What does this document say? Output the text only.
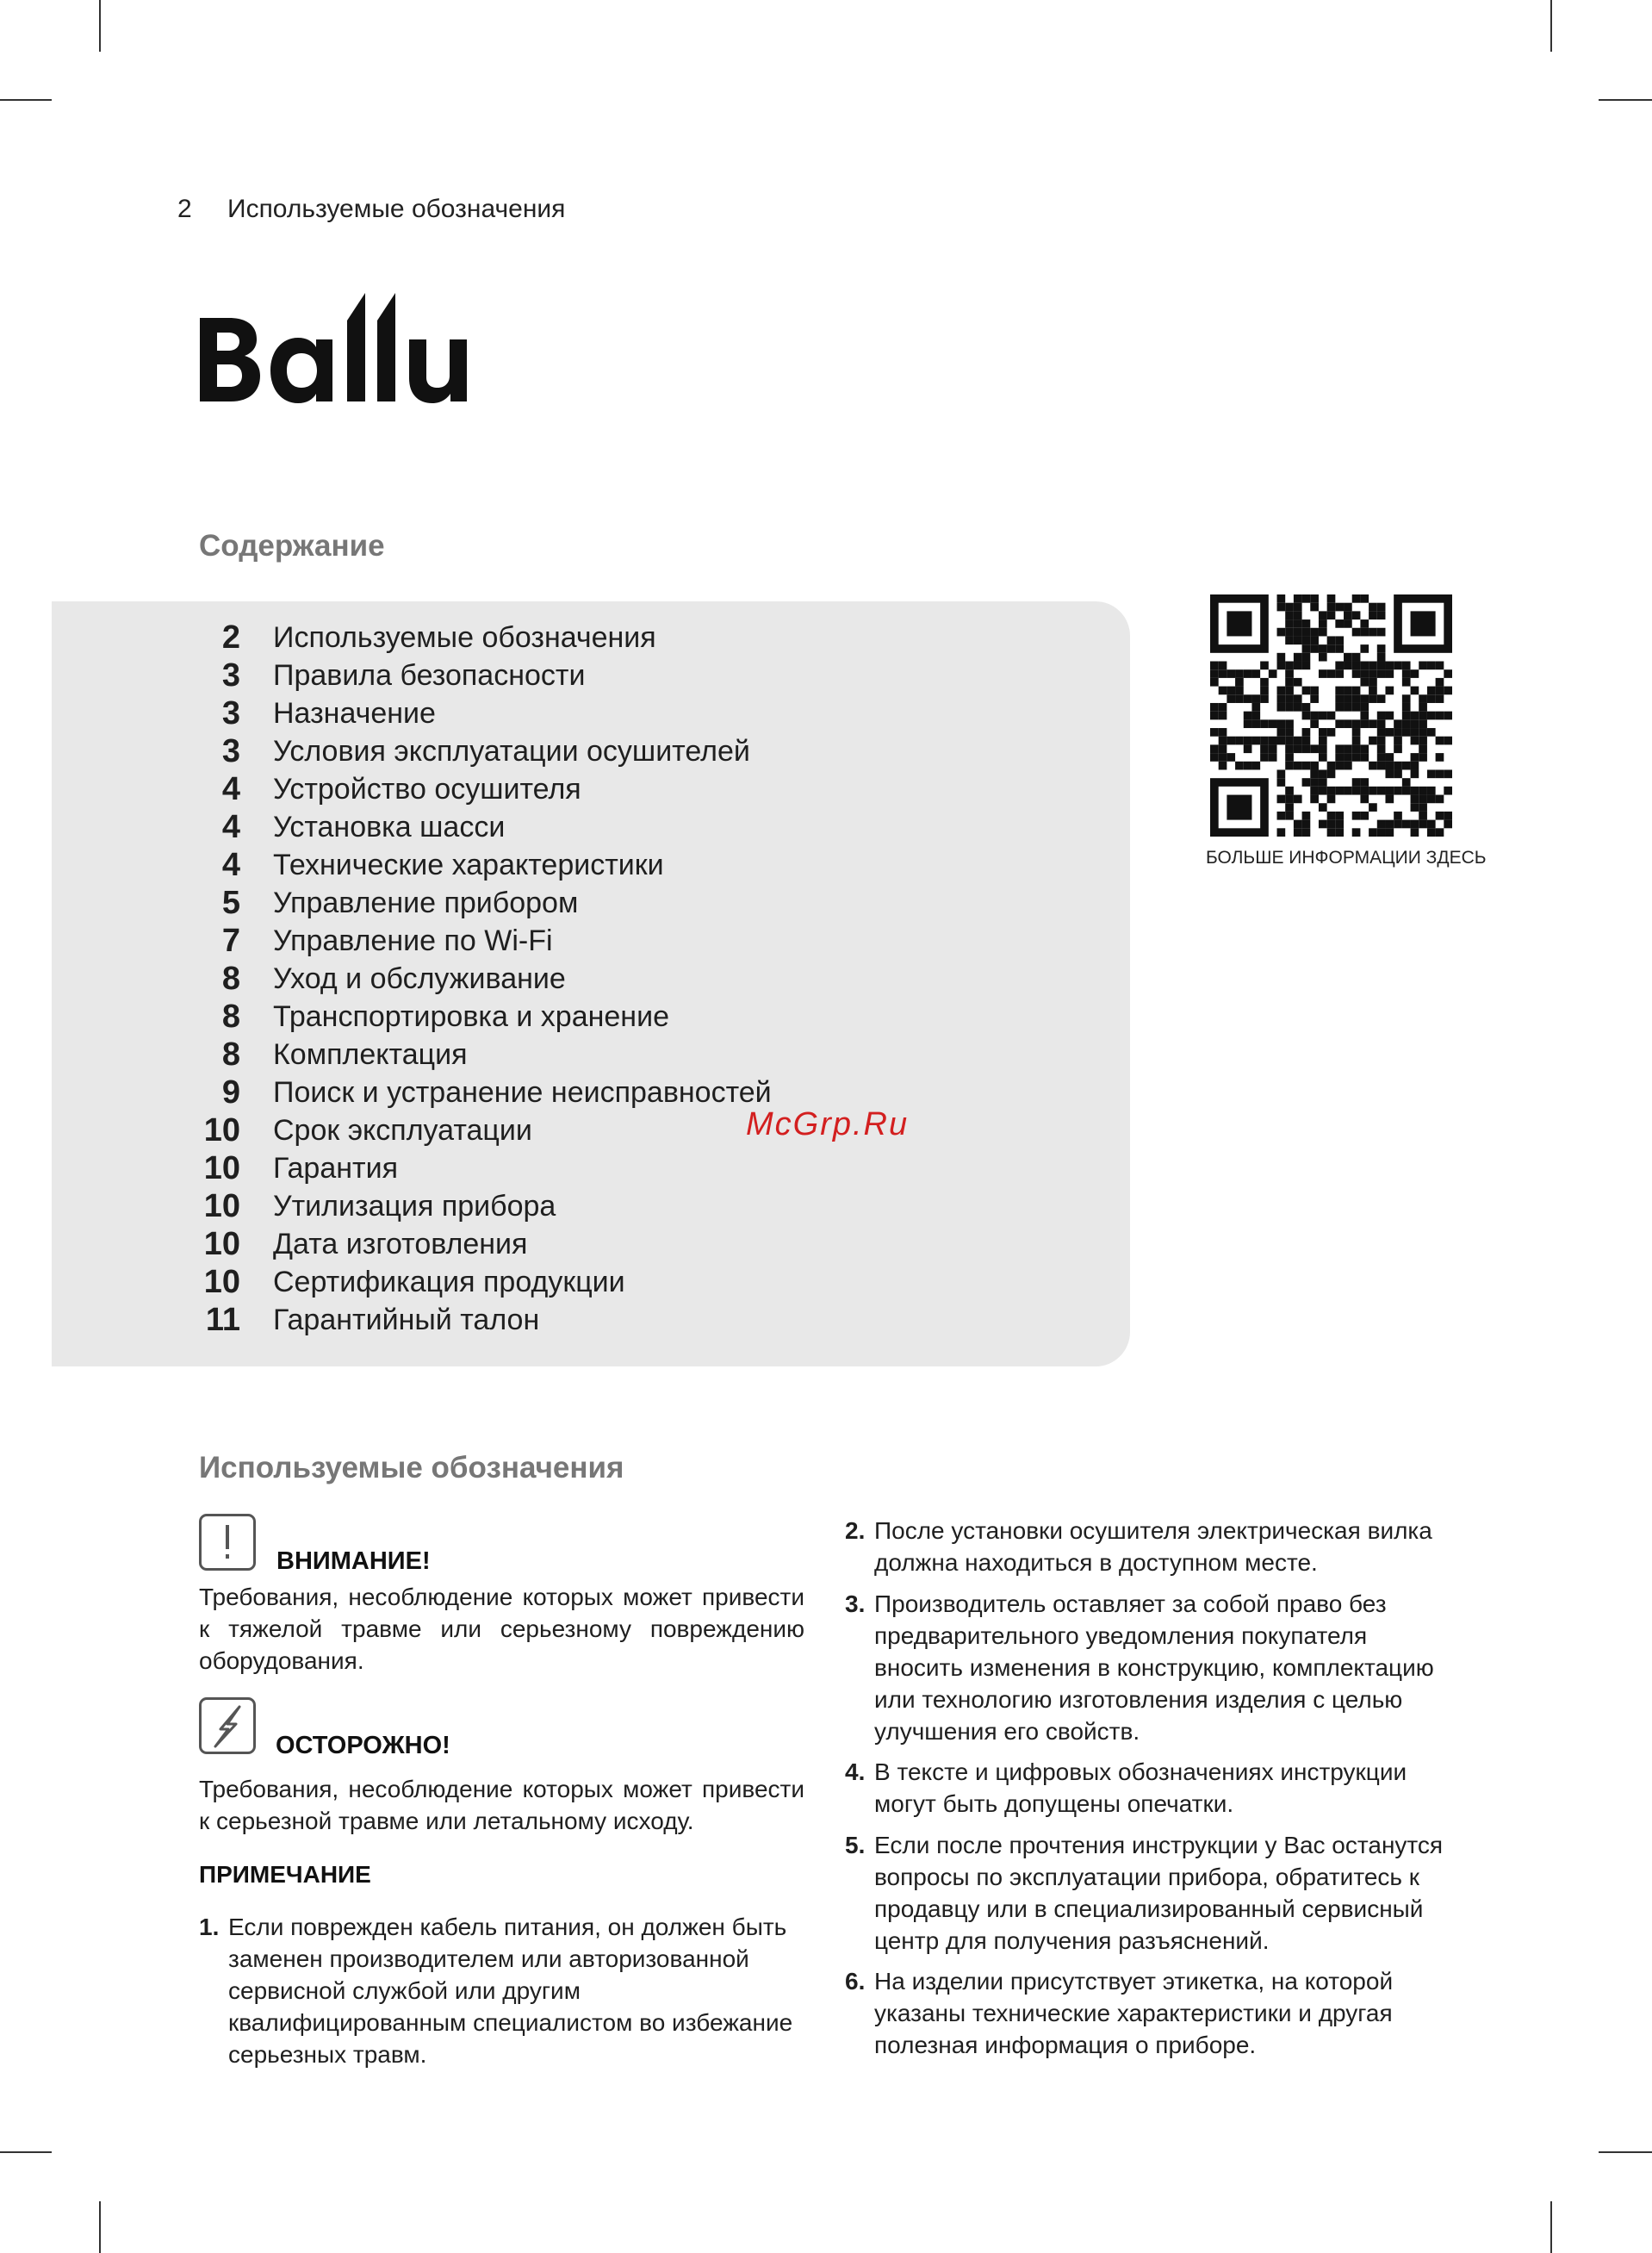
2 Используемые обозначения
Содержание
2 Используемые обозначения
3 Правила безопасности
3 Назначение
3 Условия эксплуатации осушителей
4 Устройство осушителя
4 Установка шасси
4 Технические характеристики
5 Управление прибором
7 Управление по Wi-Fi
8 Уход и обслуживание
8 Транспортировка и хранение
8 Комплектация
9 Поиск и устранение неисправностей
10 Срок эксплуатации
10 Гарантия
10 Утилизация прибора
10 Дата изготовления
10 Сертификация продукции
11 Гарантийный талон
БОЛЬШЕ ИНФОРМАЦИИ ЗДЕСЬ
McGrp.Ru
Используемые обозначения
ВНИМАНИЕ!
Требования, несоблюдение которых может привести к тяжелой травме или серьезному повреждению оборудования.
ОСТОРОЖНО!
Требования, несоблюдение которых может привести к серьезной травме или летальному исходу.
ПРИМЕЧАНИЕ
1. Если поврежден кабель питания, он должен быть заменен производителем или авторизованной сервисной службой или другим квалифицированным специалистом во избежание серьезных травм.
2. После установки осушителя электрическая вилка должна находиться в доступном месте.
3. Производитель оставляет за собой право без предварительного уведомления покупателя вносить изменения в конструкцию, комплектацию или технологию изготовления изделия с целью улучшения его свойств.
4. В тексте и цифровых обозначениях инструкции могут быть допущены опечатки.
5. Если после прочтения инструкции у Вас останутся вопросы по эксплуатации прибора, обратитесь к продавцу или в специализированный сервисный центр для получения разъяснений.
6. На изделии присутствует этикетка, на которой указаны технические характеристики и другая полезная информация о приборе.
